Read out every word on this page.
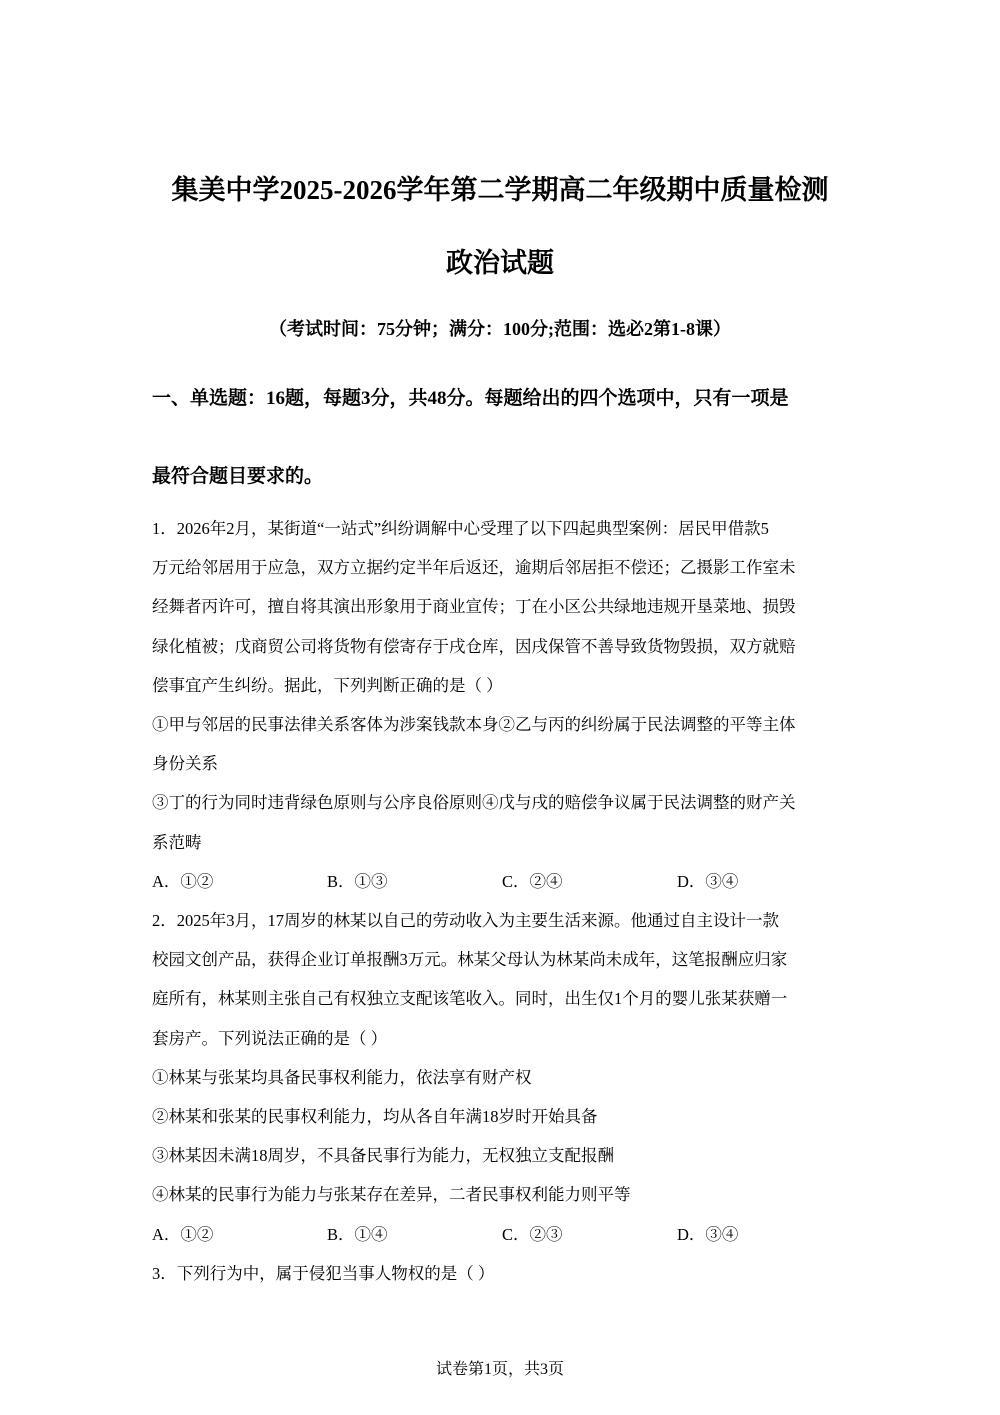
集美中学2025-2026学年第二学期高二年级期中质量检测
政治试题
（考试时间：75分钟；满分：100分;范围：选必2第1-8课）
一、单选题：16题，每题3分，共48分。每题给出的四个选项中，只有一项是
最符合题目要求的。

1．2026年2月，某街道“一站式”纠纷调解中心受理了以下四起典型案例：居民甲借款5

万元给邻居用于应急，双方立据约定半年后返还，逾期后邻居拒不偿还；乙摄影工作室未

经舞者丙许可，擅自将其演出形象用于商业宣传；丁在小区公共绿地违规开垦菜地、损毁

绿化植被；戊商贸公司将货物有偿寄存于戌仓库，因戌保管不善导致货物毁损，双方就赔

偿事宜产生纠纷。据此，下列判断正确的是（ ）

①甲与邻居的民事法律关系客体为涉案钱款本身②乙与丙的纠纷属于民法调整的平等主体

身份关系

③丁的行为同时违背绿色原则与公序良俗原则④戊与戌的赔偿争议属于民法调整的财产关

系范畴

A．①②	B．①③	C．②④	D．③④

2．2025年3月，17周岁的林某以自己的劳动收入为主要生活来源。他通过自主设计一款

校园文创产品，获得企业订单报酬3万元。林某父母认为林某尚未成年，这笔报酬应归家

庭所有，林某则主张自己有权独立支配该笔收入。同时，出生仅1个月的婴儿张某获赠一

套房产。下列说法正确的是（ ）

①林某与张某均具备民事权利能力，依法享有财产权

②林某和张某的民事权利能力，均从各自年满18岁时开始具备

③林某因未满18周岁，不具备民事行为能力，无权独立支配报酬

④林某的民事行为能力与张某存在差异，二者民事权利能力则平等

A．①②	B．①④	C．②③	D．③④

3．下列行为中，属于侵犯当事人物权的是（ ）

试卷第1页，共3页
